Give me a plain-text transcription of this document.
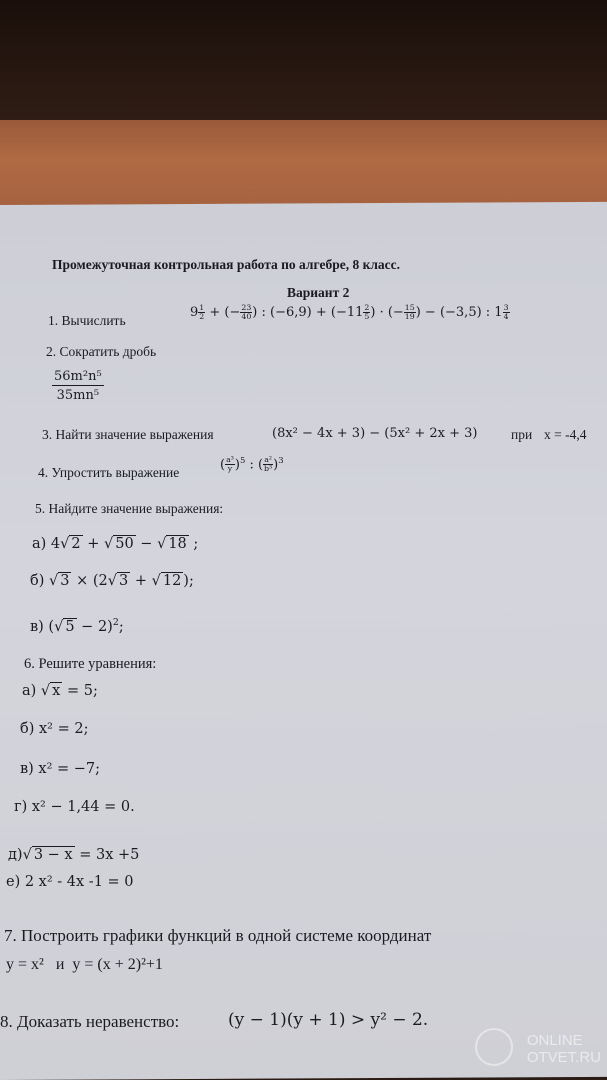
Промежуточная контрольная работа по алгебре, 8 класс.
Вариант 2
1. Вычислить
$9 \frac{1}{2}$ + (− $\frac{23}{40}$ ) : $(-6,9) + (-11 \frac{2}{5}$ ) · (− $\frac{15}{19}$ ) − (−3,5) : $1 \frac{3}{4}$
2. Сократить дробь
$\frac{\text{56m²n⁵}}{\text{35mn⁵}}$
3. Найти значение выражения	(8x² − 4x + 3) − (5x² + 2x + 3) при x = -4,4
4. Упростить выражение
( $\frac{\text{a³}}{y} )^5$ : ( $\frac{\text{a²}}{\text{b³}} )^3$
5. Найдите значение выражения:
а) 4√ 2 + √ 50 − √ 18 ;
б) √ 3 × (2√ 3 + √ 12 );
в) (√ 5 − 2)$^2$;
6. Решите уравнения:
а) √ x = 5;
б) x² = 2;
в) x² = −7;
г) x² − 1,44 = 0.
д)√ 3 − x = 3x +5
е) 2 x² - 4x -1 = 0
7. Построить графики функций в одной системе координат
y = x² и y = (x + 2)²+1
8. Доказать неравенство:	(y − 1)(y + 1) > y² − 2.
ONLINE
OTVET.RU
